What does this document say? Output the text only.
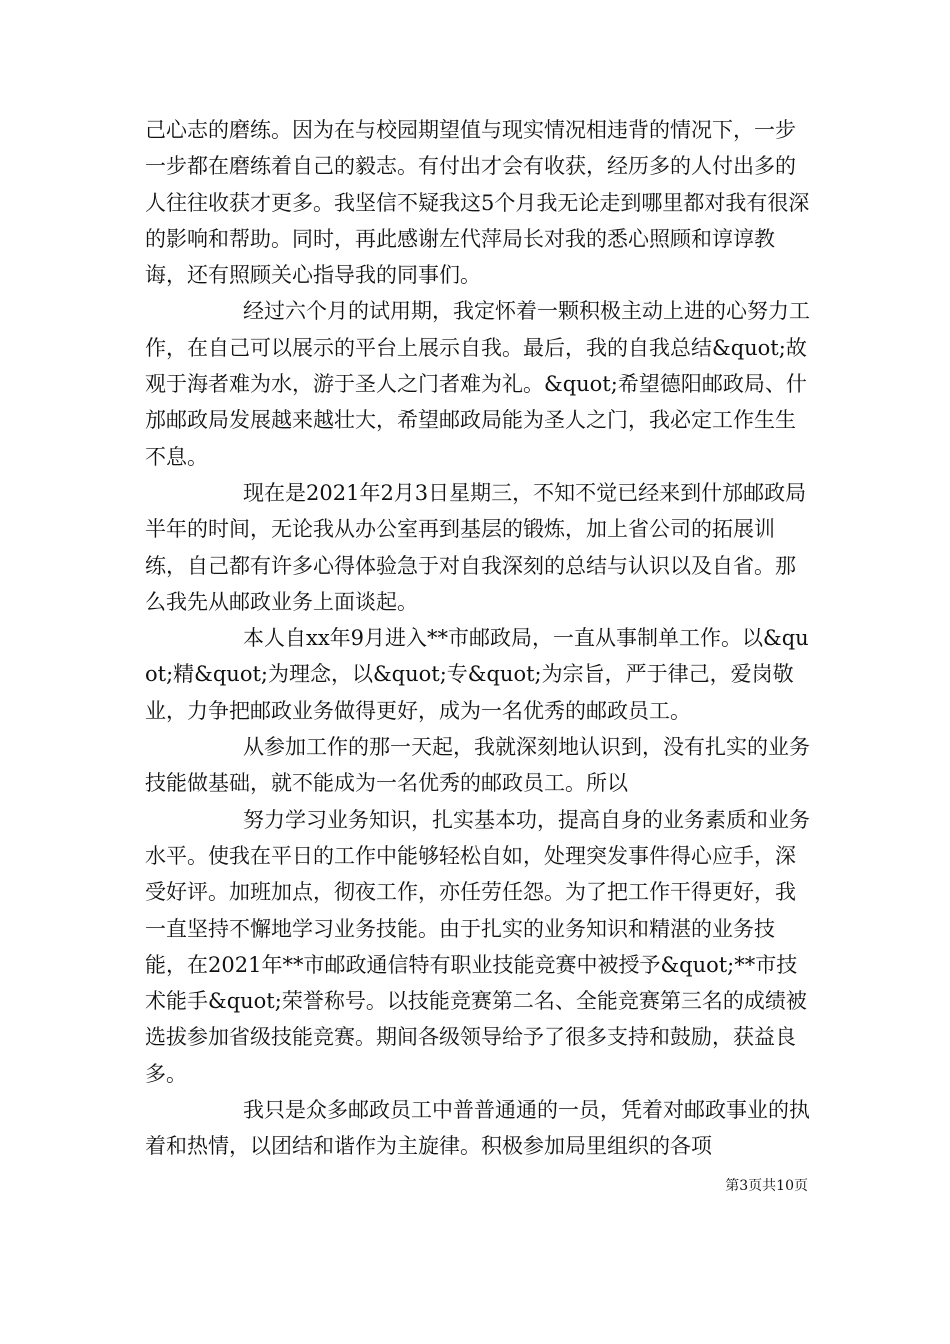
己心志的磨练。因为在与校园期望值与现实情况相违背的情况下，一步一步都在磨练着自己的毅志。有付出才会有收获，经历多的人付出多的人往往收获才更多。我坚信不疑我这5个月我无论走到哪里都对我有很深的影响和帮助。同时，再此感谢左代萍局长对我的悉心照顾和谆谆教诲，还有照顾关心指导我的同事们。

经过六个月的试用期，我定怀着一颗积极主动上进的心努力工作，在自己可以展示的平台上展示自我。最后，我的自我总结&quot;故观于海者难为水，游于圣人之门者难为礼。&quot;希望德阳邮政局、什邡邮政局发展越来越壮大，希望邮政局能为圣人之门，我必定工作生生不息。

现在是2021年2月3日星期三，不知不觉已经来到什邡邮政局半年的时间，无论我从办公室再到基层的锻炼，加上省公司的拓展训练，自己都有许多心得体验急于对自我深刻的总结与认识以及自省。那么我先从邮政业务上面谈起。

本人自xx年9月进入**市邮政局，一直从事制单工作。以&quot;精&quot;为理念，以&quot;专&quot;为宗旨，严于律己，爱岗敬业，力争把邮政业务做得更好，成为一名优秀的邮政员工。

从参加工作的那一天起，我就深刻地认识到，没有扎实的业务技能做基础，就不能成为一名优秀的邮政员工。所以

努力学习业务知识，扎实基本功，提高自身的业务素质和业务水平。使我在平日的工作中能够轻松自如，处理突发事件得心应手，深受好评。加班加点，彻夜工作，亦任劳任怨。为了把工作干得更好，我一直坚持不懈地学习业务技能。由于扎实的业务知识和精湛的业务技能，在2021年**市邮政通信特有职业技能竞赛中被授予&quot;**市技术能手&quot;荣誉称号。以技能竞赛第二名、全能竞赛第三名的成绩被选拔参加省级技能竞赛。期间各级领导给予了很多支持和鼓励，获益良多。

我只是众多邮政员工中普普通通的一员，凭着对邮政事业的执着和热情，以团结和谐作为主旋律。积极参加局里组织的各项

第3页共10页
